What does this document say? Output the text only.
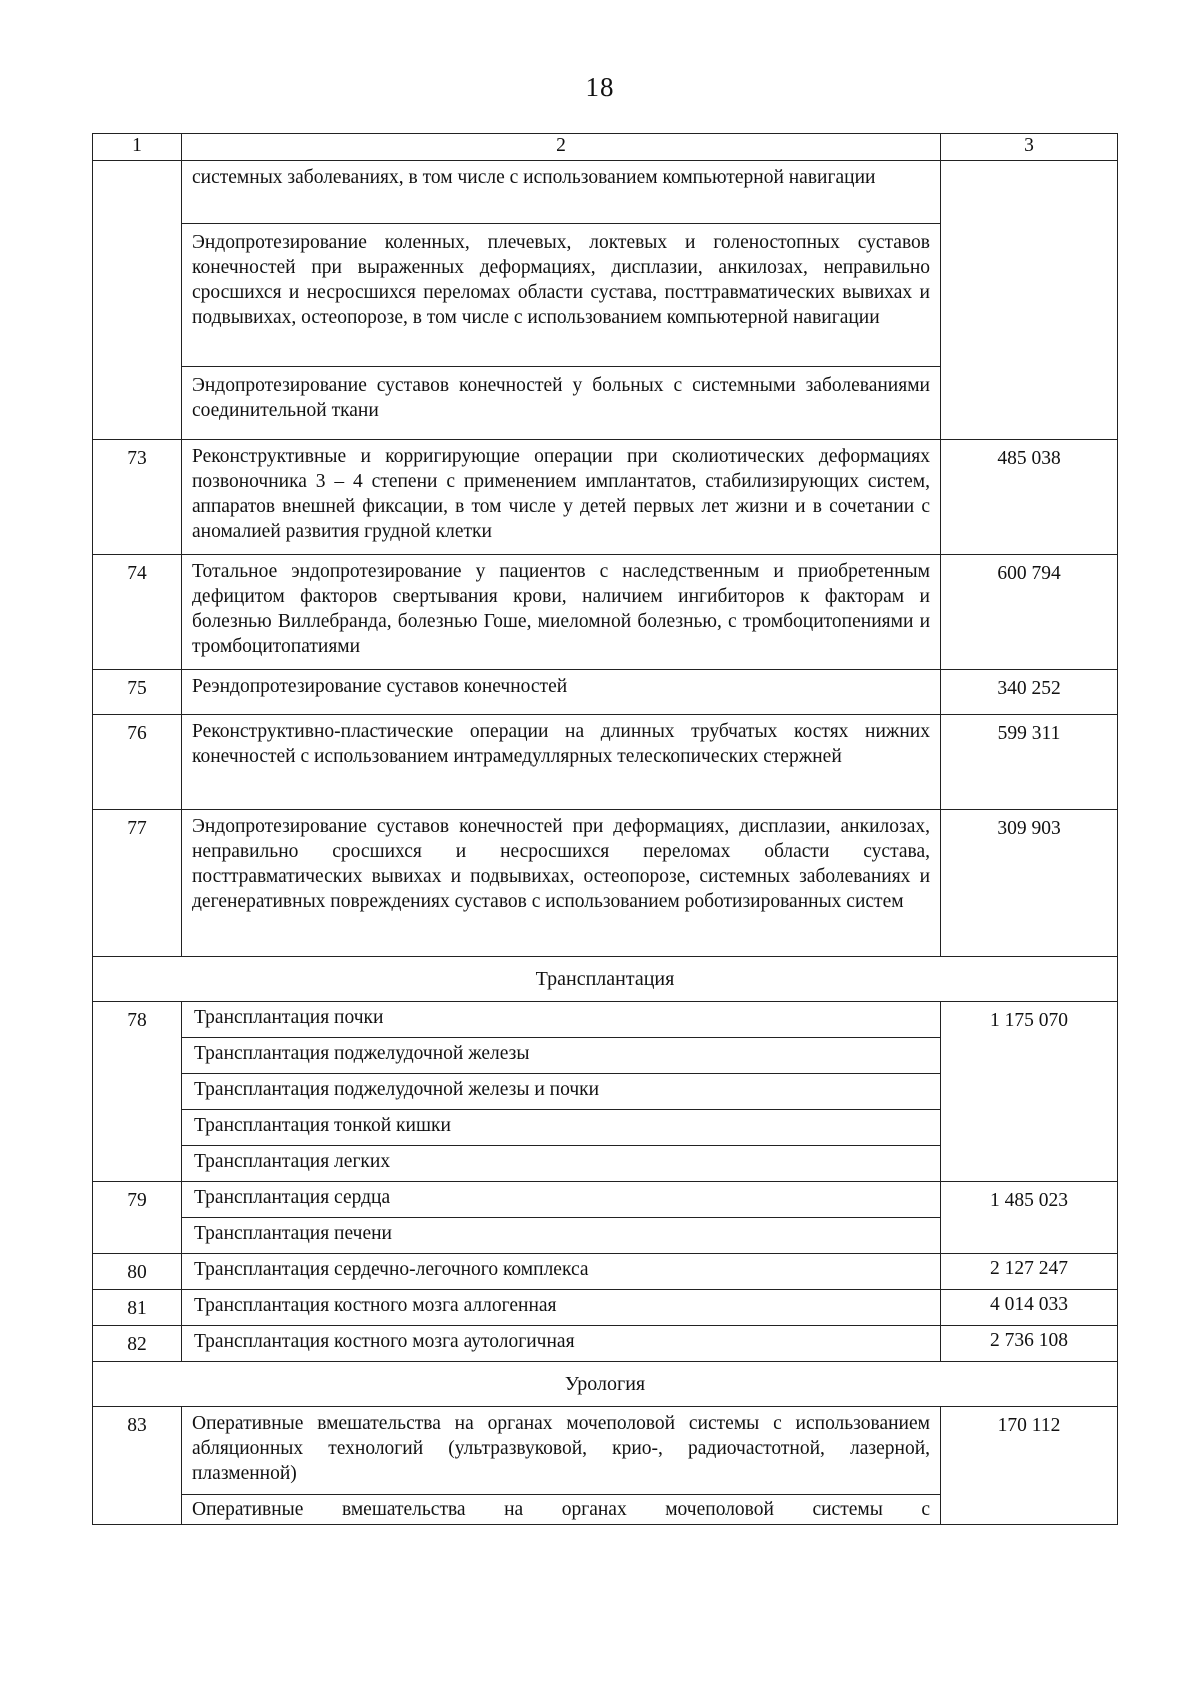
18
1	2	3

системных заболеваниях, в том числе с использованием компьютерной навигации
Эндопротезирование коленных, плечевых, локтевых и голеностопных суставов конечностей при выраженных деформациях, дисплазии, анкилозах, неправильно сросшихся и несросшихся переломах области сустава, посттравматических вывихах и подвывихах, остеопорозе, в том числе с использованием компьютерной навигации
Эндопротезирование суставов конечностей у больных с системными заболеваниями соединительной ткани

73	Реконструктивные и корригирующие операции при сколиотических деформациях позвоночника 3 – 4 степени с применением имплантатов, стабилизирующих систем, аппаратов внешней фиксации, в том числе у детей первых лет жизни и в сочетании с аномалией развития грудной клетки	485 038
74	Тотальное эндопротезирование у пациентов с наследственным и приобретенным дефицитом факторов свертывания крови, наличием ингибиторов к факторам и болезнью Виллебранда, болезнью Гоше, миеломной болезнью, с тромбоцитопениями и тромбоцитопатиями	600 794
75	Реэндопротезирование суставов конечностей	340 252
76	Реконструктивно-пластические операции на длинных трубчатых костях нижних конечностей с использованием интрамедуллярных телескопических стержней	599 311
77	Эндопротезирование суставов конечностей при деформациях, дисплазии, анкилозах, неправильно сросшихся и несросшихся переломах области сустава, посттравматических вывихах и подвывихах, остеопорозе, системных заболеваниях и дегенеративных повреждениях суставов с использованием роботизированных систем	309 903
Трансплантация
78	Трансплантация почки
Трансплантация поджелудочной железы
Трансплантация поджелудочной железы и почки
Трансплантация тонкой кишки
Трансплантация легких
	1 175 070
79	Трансплантация сердца
Трансплантация печени
	1 485 023
80	Трансплантация сердечно-легочного комплекса	2 127 247
81	Трансплантация костного мозга аллогенная	4 014 033
82	Трансплантация костного мозга аутологичная	2 736 108
Урология
83	Оперативные вмешательства на органах мочеполовой системы с использованием абляционных технологий (ультразвуковой, крио-, радиочастотной, лазерной, плазменной)
Оперативные вмешательства на органах мочеполовой системы с
	170 112
